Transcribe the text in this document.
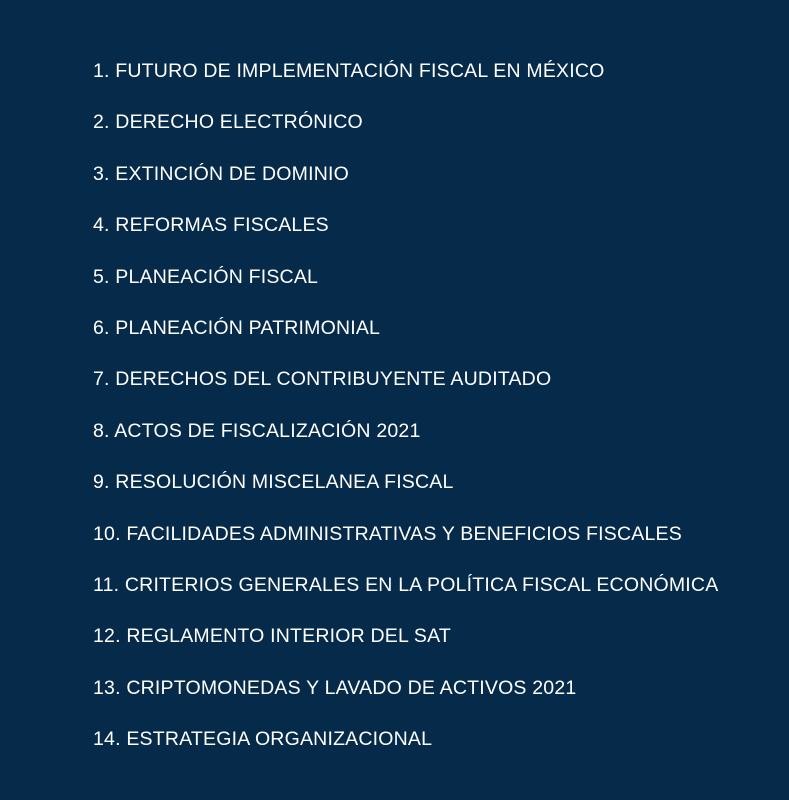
1. FUTURO DE IMPLEMENTACIÓN FISCAL EN MÉXICO
2. DERECHO ELECTRÓNICO
3. EXTINCIÓN DE DOMINIO
4. REFORMAS FISCALES
5. PLANEACIÓN FISCAL
6. PLANEACIÓN PATRIMONIAL
7. DERECHOS DEL CONTRIBUYENTE AUDITADO
8. ACTOS DE FISCALIZACIÓN 2021
9. RESOLUCIÓN MISCELANEA FISCAL
10. FACILIDADES ADMINISTRATIVAS Y BENEFICIOS FISCALES
11. CRITERIOS GENERALES EN LA POLÍTICA FISCAL ECONÓMICA
12. REGLAMENTO INTERIOR DEL SAT
13. CRIPTOMONEDAS Y LAVADO DE ACTIVOS 2021
14. ESTRATEGIA ORGANIZACIONAL
